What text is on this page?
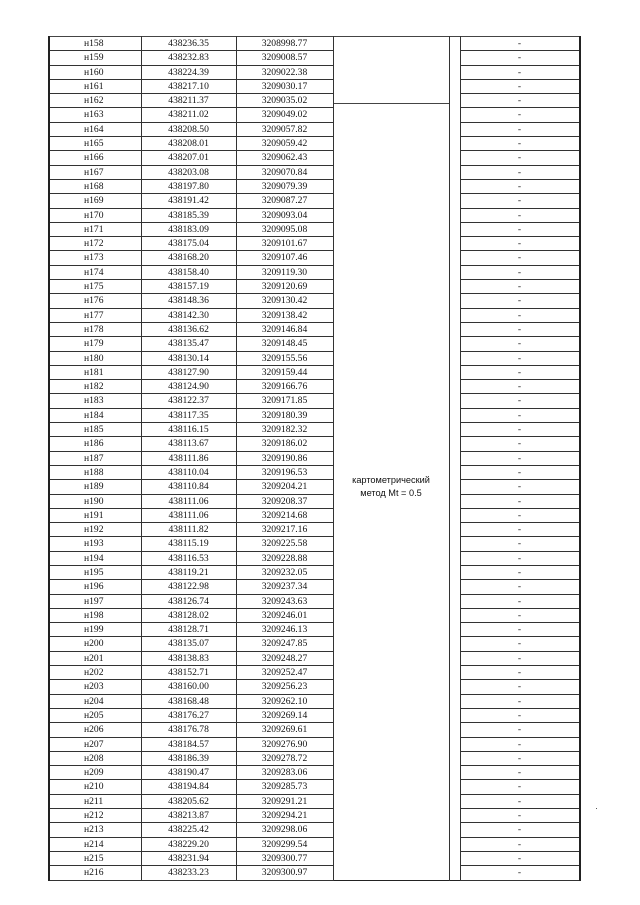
н158	438236.35	3208998.77	картометрический
метод Mt = 0.5		-
н159	438232.83	3209008.57			-
н160	438224.39	3209022.38			-
н161	438217.10	3209030.17			-
н162	438211.37	3209035.02			-
н163	438211.02	3209049.02			-
н164	438208.50	3209057.82			-
н165	438208.01	3209059.42			-
н166	438207.01	3209062.43			-
н167	438203.08	3209070.84			-
н168	438197.80	3209079.39			-
н169	438191.42	3209087.27			-
н170	438185.39	3209093.04			-
н171	438183.09	3209095.08			-
н172	438175.04	3209101.67			-
н173	438168.20	3209107.46			-
н174	438158.40	3209119.30			-
н175	438157.19	3209120.69			-
н176	438148.36	3209130.42			-
н177	438142.30	3209138.42			-
н178	438136.62	3209146.84			-
н179	438135.47	3209148.45			-
н180	438130.14	3209155.56			-
н181	438127.90	3209159.44			-
н182	438124.90	3209166.76			-
н183	438122.37	3209171.85			-
н184	438117.35	3209180.39			-
н185	438116.15	3209182.32			-
н186	438113.67	3209186.02			-
н187	438111.86	3209190.86			-
н188	438110.04	3209196.53			-
н189	438110.84	3209204.21			-
н190	438111.06	3209208.37			-
н191	438111.06	3209214.68			-
н192	438111.82	3209217.16			-
н193	438115.19	3209225.58			-
н194	438116.53	3209228.88			-
н195	438119.21	3209232.05			-
н196	438122.98	3209237.34			-
н197	438126.74	3209243.63			-
н198	438128.02	3209246.01			-
н199	438128.71	3209246.13			-
н200	438135.07	3209247.85			-
н201	438138.83	3209248.27			-
н202	438152.71	3209252.47			-
н203	438160.00	3209256.23			-
н204	438168.48	3209262.10			-
н205	438176.27	3209269.14			-
н206	438176.78	3209269.61			-
н207	438184.57	3209276.90			-
н208	438186.39	3209278.72			-
н209	438190.47	3209283.06			-
н210	438194.84	3209285.73			-
н211	438205.62	3209291.21			-
н212	438213.87	3209294.21			-
н213	438225.42	3209298.06			-
н214	438229.20	3209299.54			-
н215	438231.94	3209300.77			-
н216	438233.23	3209300.97			-
